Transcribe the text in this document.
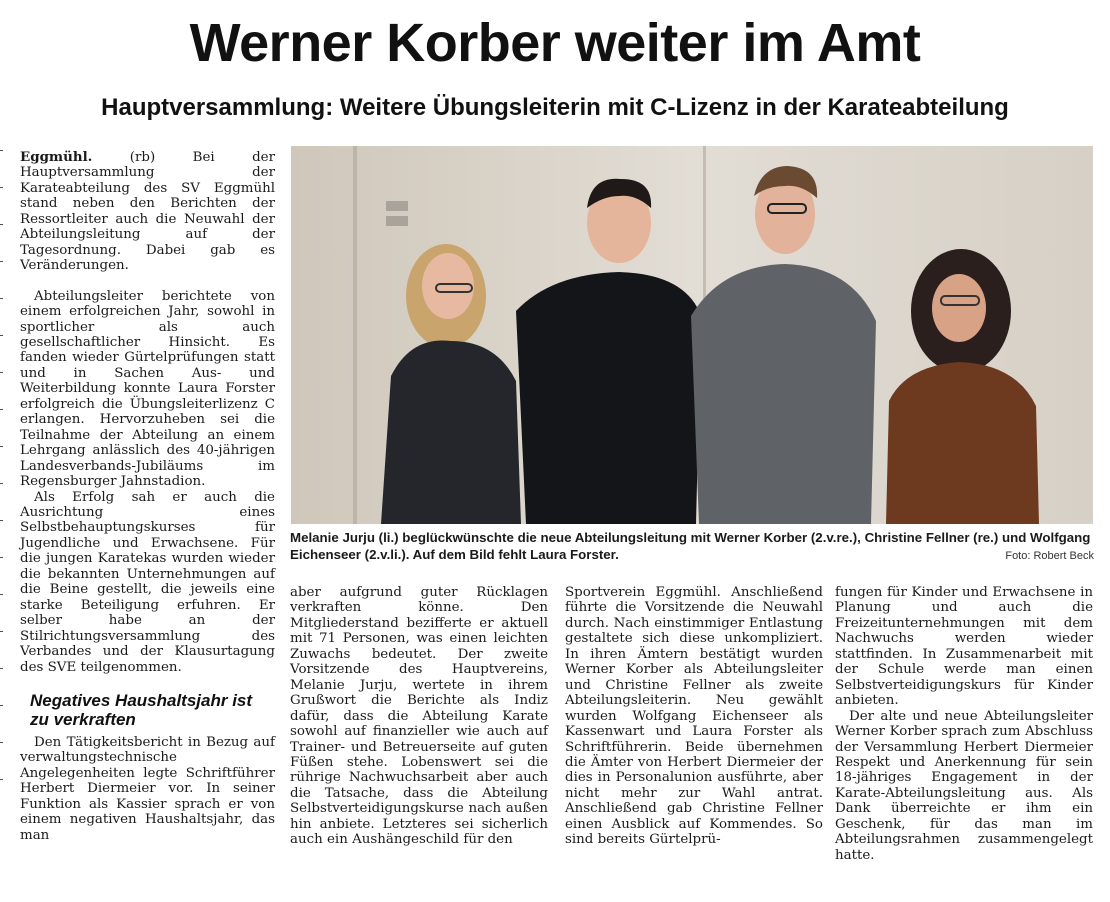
Werner Korber weiter im Amt
Hauptversammlung: Weitere Übungsleiterin mit C-Lizenz in der Karateabteilung

Eggmühl.	(rb) Bei der Hauptversammlung der Karateabteilung des SV Eggmühl stand neben den Berichten der Ressortleiter auch die Neuwahl der Abteilungsleitung auf der Tagesordnung. Dabei gab es Veränderungen.

Abteilungsleiter berichtete von einem erfolgreichen Jahr, sowohl in sportlicher als auch gesellschaftlicher Hinsicht. Es fanden wieder Gürtelprüfungen statt und in Sachen Aus- und Weiterbildung konnte Laura Forster erfolgreich die Übungsleiterlizenz C erlangen. Hervorzuheben sei die Teilnahme der Abteilung an einem Lehrgang anlässlich des 40-jährigen Landesverbands-Jubiläums im Regensburger Jahnstadion.

Als Erfolg sah er auch die Ausrichtung eines Selbstbehauptungskurses für Jugendliche und Erwachsene. Für die jungen Karatekas wurden wieder die bekannten Unternehmungen auf die Beine gestellt, die jeweils eine starke Beteiligung erfuhren. Er selber habe an der Stilrichtungsversammlung des Verbandes und der Klausurtagung des SVE teilgenommen.

Negatives Haushaltsjahr ist zu verkraften

Den Tätigkeitsbericht in Bezug auf verwaltungstechnische Angelegenheiten legte Schriftführer Herbert Diermeier vor. In seiner Funktion als Kassier sprach er von einem negativen Haushaltsjahr, das man

Melanie Jurju (li.) beglückwünschte die neue Abteilungsleitung mit Werner Korber (2.v.re.), Christine Fellner (re.) und Wolfgang Eichenseer (2.v.li.). Auf dem Bild fehlt Laura Forster.	Foto: Robert Beck

aber aufgrund guter Rücklagen verkraften könne. Den Mitgliederstand bezifferte er aktuell mit 71 Personen, was einen leichten Zuwachs bedeutet. Der zweite Vorsitzende des Hauptvereins, Melanie Jurju, wertete in ihrem Grußwort die Berichte als Indiz dafür, dass die Abteilung Karate sowohl auf finanzieller wie auch auf Trainer- und Betreuerseite auf guten Füßen stehe. Lobenswert sei die rührige Nachwuchsarbeit aber auch die Tatsache, dass die Abteilung Selbstverteidigungskurse nach außen hin anbiete. Letzteres sei sicherlich auch ein Aushängeschild für den

Sportverein Eggmühl. Anschließend führte die Vorsitzende die Neuwahl durch. Nach einstimmiger Entlastung gestaltete sich diese unkompliziert. In ihren Ämtern bestätigt wurden Werner Korber als Abteilungsleiter und Christine Fellner als zweite Abteilungsleiterin. Neu gewählt wurden Wolfgang Eichenseer als Kassenwart und Laura Forster als Schriftführerin. Beide übernehmen die Ämter von Herbert Diermeier der dies in Personalunion ausführte, aber nicht mehr zur Wahl antrat. Anschließend gab Christine Fellner einen Ausblick auf Kommendes. So sind bereits Gürtelprü-

fungen für Kinder und Erwachsene in Planung und auch die Freizeitunternehmungen mit dem Nachwuchs werden wieder stattfinden. In Zusammenarbeit mit der Schule werde man einen Selbstverteidigungskurs für Kinder anbieten.

Der alte und neue Abteilungsleiter Werner Korber sprach zum Abschluss der Versammlung Herbert Diermeier Respekt und Anerkennung für sein 18-jähriges Engagement in der Karate-Abteilungsleitung aus. Als Dank überreichte er ihm ein Geschenk, für das man im Abteilungsrahmen zusammengelegt hatte.
